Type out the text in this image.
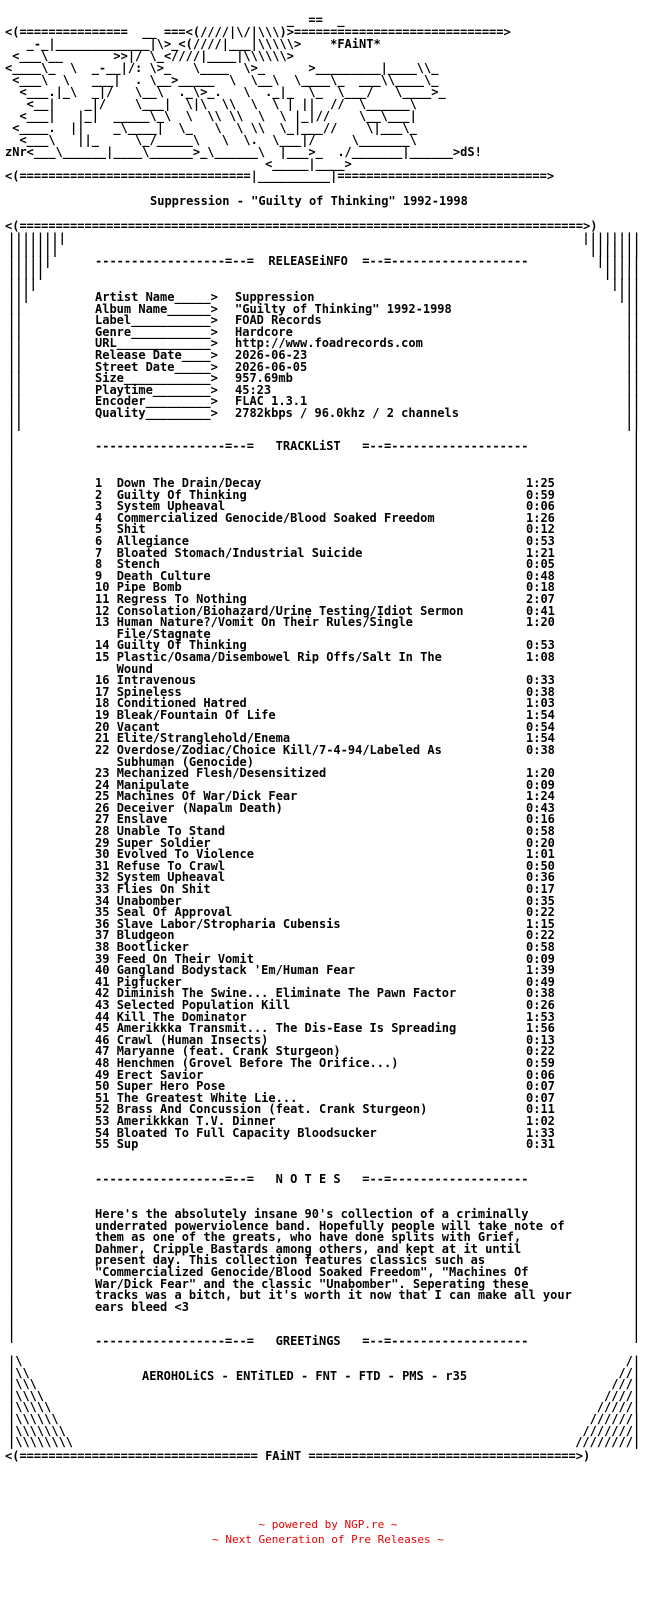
_  ==  _
<(===============  __ ===<(////|\/|\\\)>=============================>
_-_|_____________|\>_<(////|___|\\\\\>    *FAiNT*
<___\__       >>|/ \_<////|____|\\\\\\>
<____\_  \  _-__|/: \>_   \____  \>_      >_________|____\\_
<___\  \   ___|  . \__>_____  \  \__\  \____\_  ___\\____\_
<___.|_\  _|/   \__\  ._\>_.   \  ._|_  \_  \___/   \____>_
<__|    _|/    \___|  \|\  \\  \  \ | ||  //  \______\
<___|   |_|  _____\_\  \  \\ \\  \  \ |_|//    \__\___|
<____.  ||    _\____|  \_   \  \ \\  \_|___//    \|___\_
<___\   ||_     \_/_____\   \  \.  \___|/     \_______\
zNr<___\______|____\______>_\______\  |___>_  ./_______|______>dS!
<_____|____>
<(================================|__________|=============================>
Suppression - "Guilty of Thinking" 1992-1998
<(==============================================================================>)
------------------=--=  RELEASEiNFO  =--=-------------------
Artist Name_____> Suppression
Album Name______> "Guilty of Thinking" 1992-1998
Label___________> FOAD Records
Genre___________> Hardcore
URL_____________> http://www.foadrecords.com
Release Date____> 2026-06-23
Street Date_____> 2026-06-05
Size____________> 957.69mb
Playtime________> 45:23
Encoder_________> FLAC 1.3.1
Quality_________> 2782kbps / 96.0khz / 2 channels
------------------=--=   TRACKLiST   =--=-------------------
1 Down The Drain/Decay	1:25
2 Guilty Of Thinking	0:59
3 System Upheaval	0:06
4 Commercialized Genocide/Blood Soaked Freedom	1:26
5 Shit	0:12
6 Allegiance	0:53
7 Bloated Stomach/Industrial Suicide	1:21
8 Stench	0:05
9 Death Culture	0:48
10 Pipe Bomb	0:18
11 Regress To Nothing	2:07
12 Consolation/Biohazard/Urine Testing/Idiot Sermon	0:41
13 Human Nature?/Vomit On Their Rules/Single
File/Stagnate
1:20
14 Guilty Of Thinking	0:53
15 Plastic/Osama/Disembowel Rip Offs/Salt In The
Wound
1:08
16 Intravenous	0:33
17 Spineless	0:38
18 Conditioned Hatred	1:03
19 Bleak/Fountain Of Life	1:54
20 Vacant	0:54
21 Elite/Stranglehold/Enema	1:54
22 Overdose/Zodiac/Choice Kill/7-4-94/Labeled As
Subhuman (Genocide)
0:38
23 Mechanized Flesh/Desensitized	1:20
24 Manipulate	0:09
25 Machines Of War/Dick Fear	1:24
26 Deceiver (Napalm Death)	0:43
27 Enslave	0:16
28 Unable To Stand	0:58
29 Super Soldier	0:20
30 Evolved To Violence	1:01
31 Refuse To Crawl	0:50
32 System Upheaval	0:36
33 Flies On Shit	0:17
34 Unabomber	0:35
35 Seal Of Approval	0:22
36 Slave Labor/Stropharia Cubensis	1:15
37 Bludgeon	0:22
38 Bootlicker	0:58
39 Feed On Their Vomit	0:09
40 Gangland Bodystack 'Em/Human Fear	1:39
41 Pigfucker	0:49
42 Diminish The Swine... Eliminate The Pawn Factor	0:38
43 Selected Population Kill	0:26
44 Kill The Dominator	1:53
45 Amerikkka Transmit... The Dis-Ease Is Spreading	1:56
46 Crawl (Human Insects)	0:13
47 Maryanne (feat. Crank Sturgeon)	0:22
48 Henchmen (Grovel Before The Orifice...)	0:59
49 Erect Savior	0:06
50 Super Hero Pose	0:07
51 The Greatest White Lie...	0:07
52 Brass And Concussion (feat. Crank Sturgeon)	0:11
53 Amerikkkan T.V. Dinner	1:02
54 Bloated To Full Capacity Bloodsucker	1:33
55 Sup	0:31
------------------=--=   N O T E S   =--=-------------------
Here's the absolutely insane 90's collection of a criminally
underrated powerviolence band. Hopefully people will take note of
them as one of the greats, who have done splits with Grief,
Dahmer, Cripple Bastards among others, and kept at it until
present day. This collection features classics such as
"Commercialized Genocide/Blood Soaked Freedom", "Machines Of
War/Dick Fear" and the classic "Unabomber". Seperating these
tracks was a bitch, but it's worth it now that I can make all your
ears bleed <3
------------------=--=   GREETiNGS   =--=-------------------
AEROHOLiCS - ENTiTLED - FNT - FTD - PMS - r35
<(================================= FAiNT =====================================>)
||||||||	||||||||
|||||||	|||||||
||||||	||||||
|||||	|||||
||||	||||
|||	|||
||	||
||	||
||	||
||	||
||	||
||	||
||	||
||	||
||	||
||	||
||	||
|	|
|	|
|	|
|	|
|	|
|	|
|	|
|	|
|	|
|	|
|	|
|	|
|	|
|	|
|	|
|	|
|	|
|	|
|	|
|	|
|	|
|	|
|	|
|	|
|	|
|	|
|	|
|	|
|	|
|	|
|	|
|	|
|	|
|	|
|	|
|	|
|	|
|	|
|	|
|	|
|	|
|	|
|	|
|	|
|	|
|	|
|	|
|	|
|	|
|	|
|	|
|	|
|	|
|	|
|	|
|	|
|	|
|	|
|	|
|	|
|	|
|	|
|	|
|	|
|	|
|	|
|	|
|	|
|	|
|	|
|	|
|	|
|	|
|	|
|	|
|	|
|\	/|
|\\	//|
|\\\	///|
|\\\\	////|
|\\\\\	/////|
|\\\\\\	//////|
|\\\\\\\	///////|
|\\\\\\\\	////////|
~ powered by NGP.re ~
~ Next Generation of Pre Releases ~
